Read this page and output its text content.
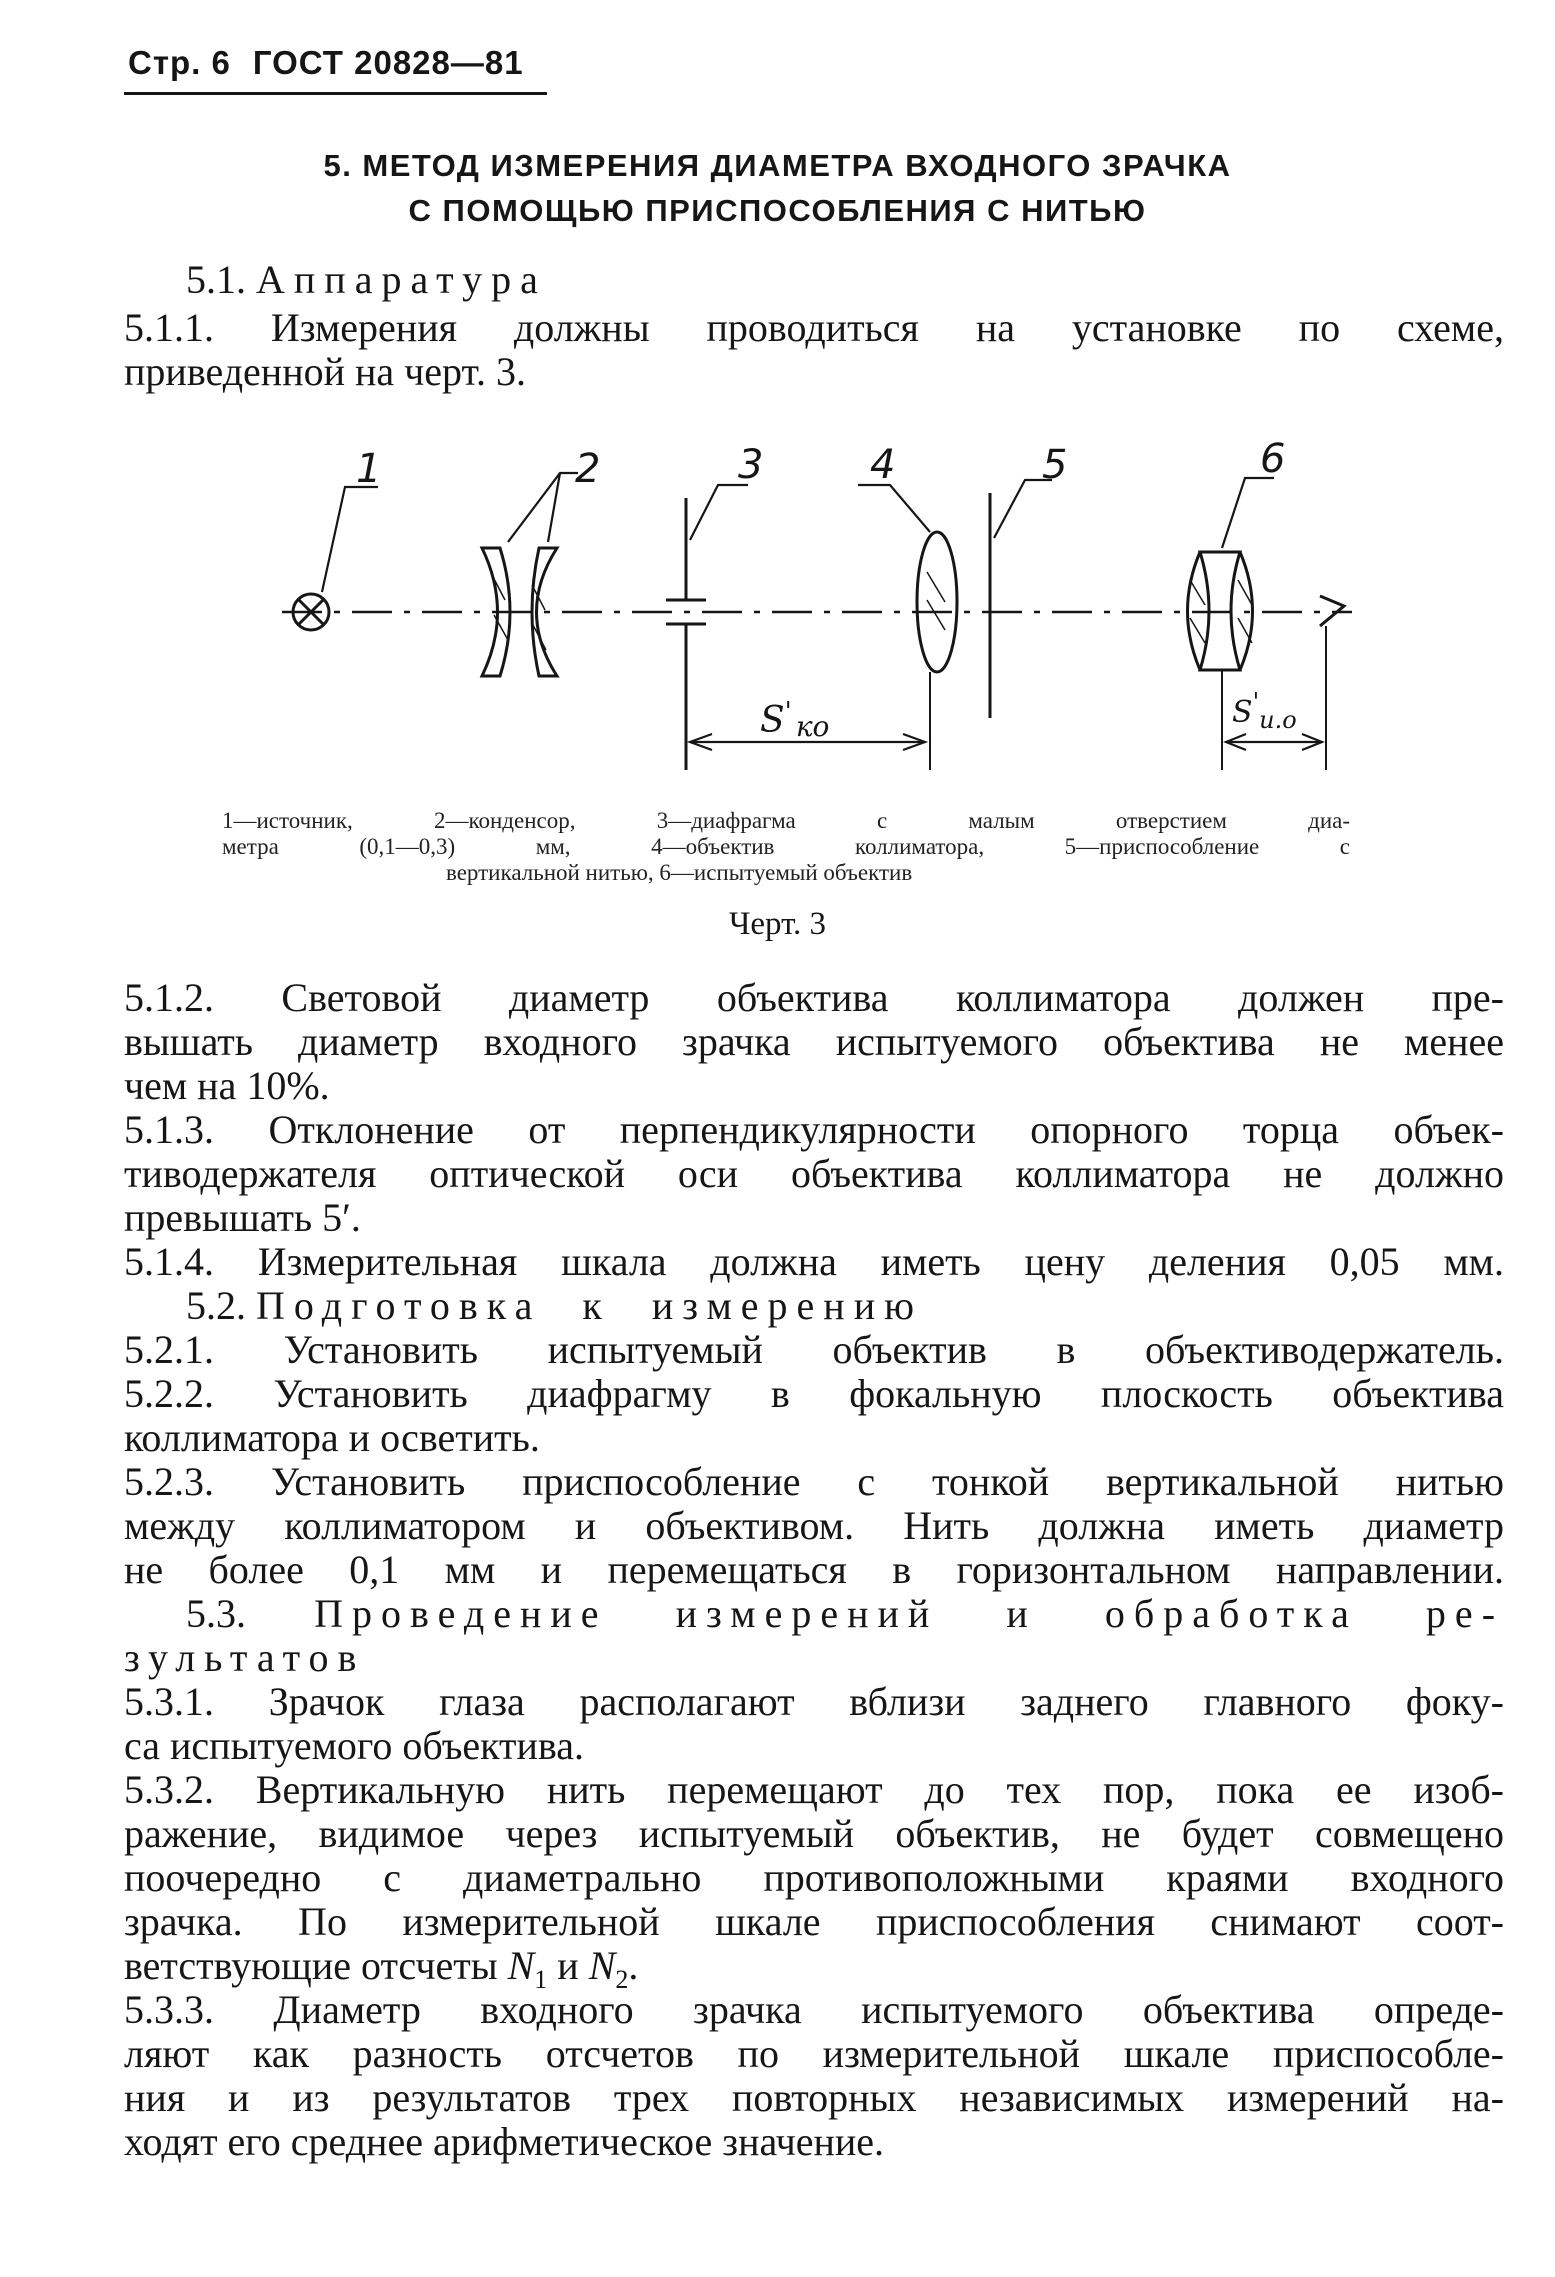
Стр. 6 ГОСТ 20828—81
5. МЕТОД ИЗМЕРЕНИЯ ДИАМЕТРА ВХОДНОГО ЗРАЧКА
С ПОМОЩЬЮ ПРИСПОСОБЛЕНИЯ С НИТЬЮ
5.1. Аппаратура
5.1.1. Измерения должны проводиться на установке по схеме,
приведенной на черт. 3.
1	2	3	4	5	6
S' $_{ко}$	$S'_{и.о}$
1—источник, 2—конденсор, 3—диафрагма с малым отверстием диа-
метра (0,1—0,3) мм, 4—объектив коллиматора, 5—приспособление с
вертикальной нитью, 6—испытуемый объектив
Черт. 3
5.1.2. Световой диаметр объектива коллиматора должен пре-
вышать диаметр входного зрачка испытуемого объектива не менее
чем на 10%.
5.1.3. Отклонение от перпендикулярности опорного торца объек-
тиводержателя оптической оси объектива коллиматора не должно
превышать 5′.
5.1.4. Измерительная шкала должна иметь цену деления 0,05 мм.
5.2. Подготовка к измерению
5.2.1. Установить испытуемый объектив в объективодержатель.
5.2.2. Установить диафрагму в фокальную плоскость объектива
коллиматора и осветить.
5.2.3. Установить приспособление с тонкой вертикальной нитью
между коллиматором и объективом. Нить должна иметь диаметр
не более 0,1 мм и перемещаться в горизонтальном направлении.
5.3. Проведение измерений и обработка ре-
зультатов
5.3.1. Зрачок глаза располагают вблизи заднего главного фоку-
са испытуемого объектива.
5.3.2. Вертикальную нить перемещают до тех пор, пока ее изоб-
ражение, видимое через испытуемый объектив, не будет совмещено
поочередно с диаметрально противоположными краями входного
зрачка. По измерительной шкале приспособления снимают соот-
ветствующие отсчеты $N_1$ и $N_2$.
5.3.3. Диаметр входного зрачка испытуемого объектива опреде-
ляют как разность отсчетов по измерительной шкале приспособле-
ния и из результатов трех повторных независимых измерений на-
ходят его среднее арифметическое значение.
